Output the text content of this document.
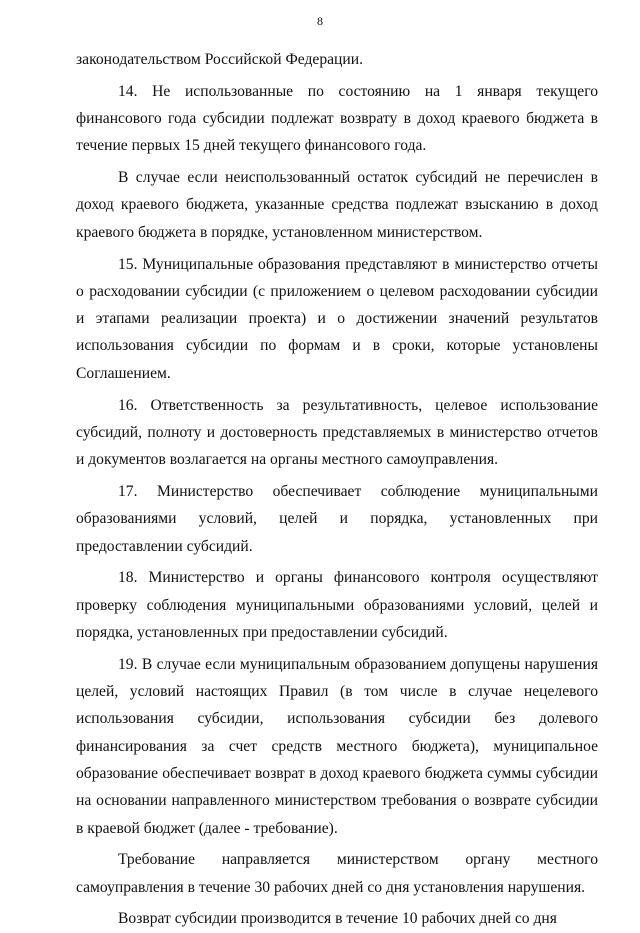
8

законодательством Российской Федерации.

14. Не использованные по состоянию на 1 января текущего финансового года субсидии подлежат возврату в доход краевого бюджета в течение первых 15 дней текущего финансового года.

В случае если неиспользованный остаток субсидий не перечислен в доход краевого бюджета, указанные средства подлежат взысканию в доход краевого бюджета в порядке, установленном министерством.

15. Муниципальные образования представляют в министерство отчеты о расходовании субсидии (с приложением о целевом расходовании субсидии и этапами реализации проекта) и о достижении значений результатов использования субсидии по формам и в сроки, которые установлены Соглашением.

16. Ответственность за результативность, целевое использование субсидий, полноту и достоверность представляемых в министерство отчетов и документов возлагается на органы местного самоуправления.

17. Министерство обеспечивает соблюдение муниципальными образованиями условий, целей и порядка, установленных при предоставлении субсидий.

18. Министерство и органы финансового контроля осуществляют проверку соблюдения муниципальными образованиями условий, целей и порядка, установленных при предоставлении субсидий.

19. В случае если муниципальным образованием допущены нарушения целей, условий настоящих Правил (в том числе в случае нецелевого использования субсидии, использования субсидии без долевого финансирования за счет средств местного бюджета), муниципальное образование обеспечивает возврат в доход краевого бюджета суммы субсидии на основании направленного министерством требования о возврате субсидии в краевой бюджет (далее - требование).

Требование направляется министерством органу местного самоуправления в течение 30 рабочих дней со дня установления нарушения.

Возврат субсидии производится в течение 10 рабочих дней со дня
